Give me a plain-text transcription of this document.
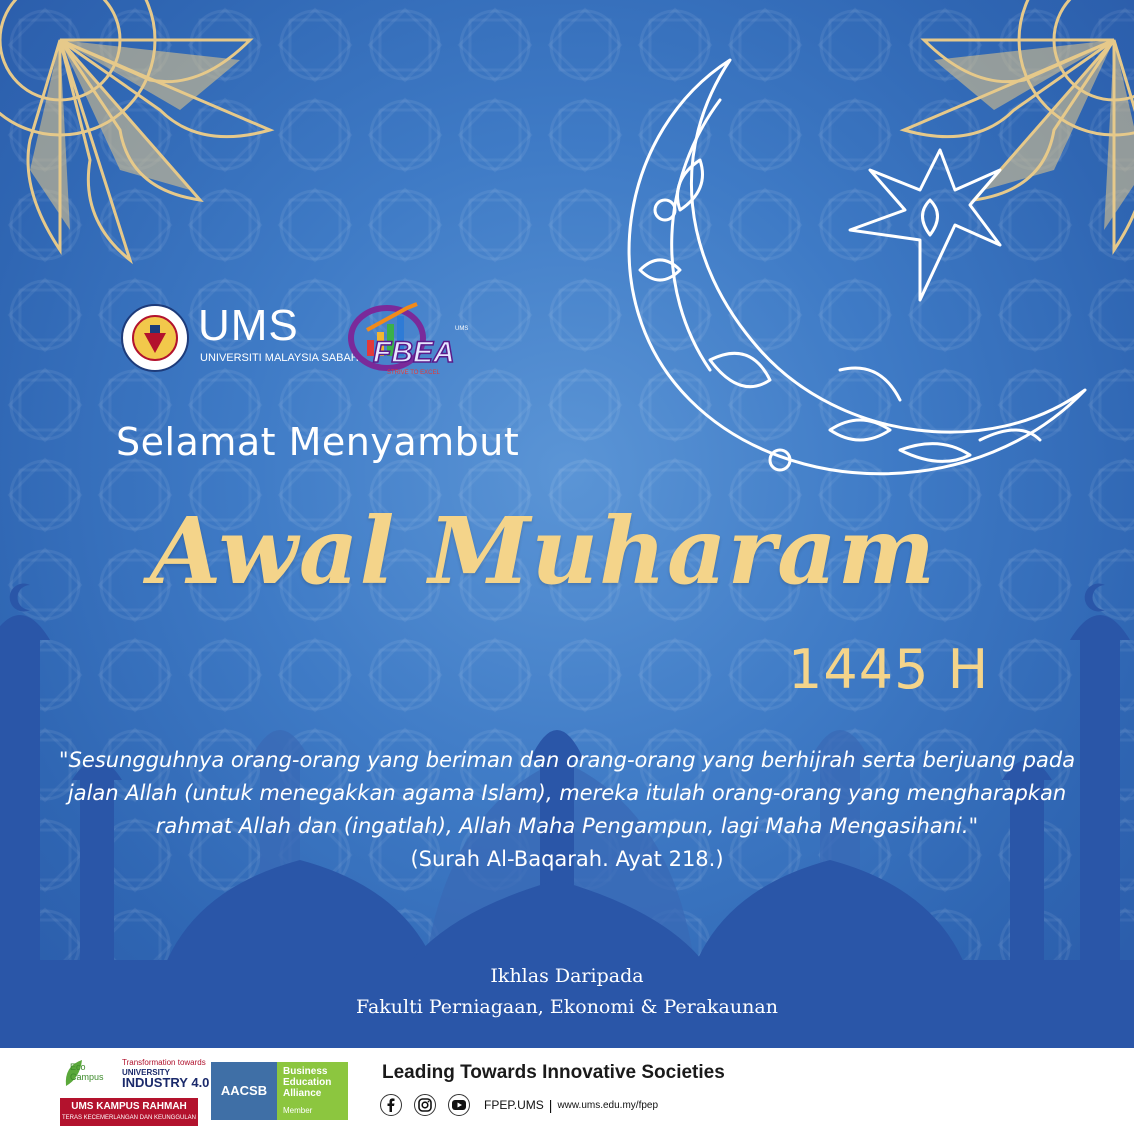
UMS
UNIVERSITI MALAYSIA SABAH
UMS
FBEA
STRIVE TO EXCEL
Selamat Menyambut
Awal Muharam
1445 H
"Sesungguhnya orang-orang yang beriman dan orang-orang yang berhijrah serta berjuang pada
jalan Allah (untuk menegakkan agama Islam), mereka itulah orang-orang yang mengharapkan
rahmat Allah dan (ingatlah), Allah Maha Pengampun, lagi Maha Mengasihani."
(Surah Al-Baqarah. Ayat 218.)
Ikhlas Daripada
Fakulti Perniagaan, Ekonomi & Perakaunan
Eco
Campus
Transformation towards
UNIVERSITY
INDUSTRY 4.0
UMS KAMPUS RAHMAH
TERAS KECEMERLANGAN DAN KEUNGGULAN
AACSB
Business
Education
Alliance
Member
Leading Towards Innovative Societies
FPEP.UMS | www.ums.edu.my/fpep
